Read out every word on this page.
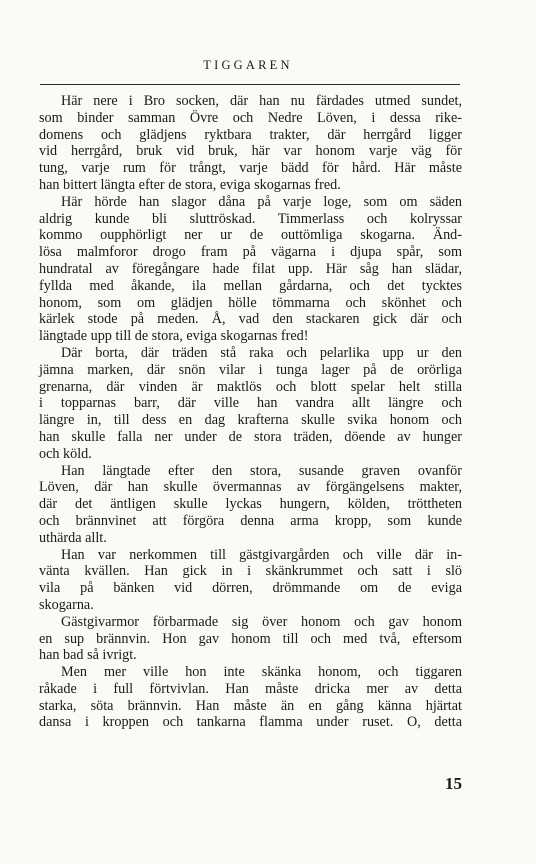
TIGGAREN

Här nere i Bro socken, där han nu färdades utmed sundet,
som binder samman Övre och Nedre Löven, i dessa rike-
domens och glädjens ryktbara trakter, där herrgård ligger
vid herrgård, bruk vid bruk, här var honom varje väg för
tung, varje rum för trångt, varje bädd för hård. Här måste
han bittert längta efter de stora, eviga skogarnas fred.

Här hörde han slagor dåna på varje loge, som om säden
aldrig kunde bli sluttröskad. Timmerlass och kolryssar
kommo oupphörligt ner ur de outtömliga skogarna. Änd-
lösa malmforor drogo fram på vägarna i djupa spår, som
hundratal av föregångare hade filat upp. Här såg han slädar,
fyllda med åkande, ila mellan gårdarna, och det tycktes
honom, som om glädjen hölle tömmarna och skönhet och
kärlek stode på meden. Å, vad den stackaren gick där och
längtade upp till de stora, eviga skogarnas fred!

Där borta, där träden stå raka och pelarlika upp ur den
jämna marken, där snön vilar i tunga lager på de orörliga
grenarna, där vinden är maktlös och blott spelar helt stilla
i topparnas barr, där ville han vandra allt längre och
längre in, till dess en dag krafterna skulle svika honom och
han skulle falla ner under de stora träden, döende av hunger
och köld.

Han längtade efter den stora, susande graven ovanför
Löven, där han skulle övermannas av förgängelsens makter,
där det äntligen skulle lyckas hungern, kölden, tröttheten
och brännvinet att förgöra denna arma kropp, som kunde
uthärda allt.

Han var nerkommen till gästgivargården och ville där in-
vänta kvällen. Han gick in i skänkrummet och satt i slö
vila på bänken vid dörren, drömmande om de eviga
skogarna.

Gästgivarmor förbarmade sig över honom och gav honom
en sup brännvin. Hon gav honom till och med två, eftersom
han bad så ivrigt.

Men mer ville hon inte skänka honom, och tiggaren
råkade i full förtvivlan. Han måste dricka mer av detta
starka, söta brännvin. Han måste än en gång känna hjärtat
dansa i kroppen och tankarna flamma under ruset. O, detta

15
